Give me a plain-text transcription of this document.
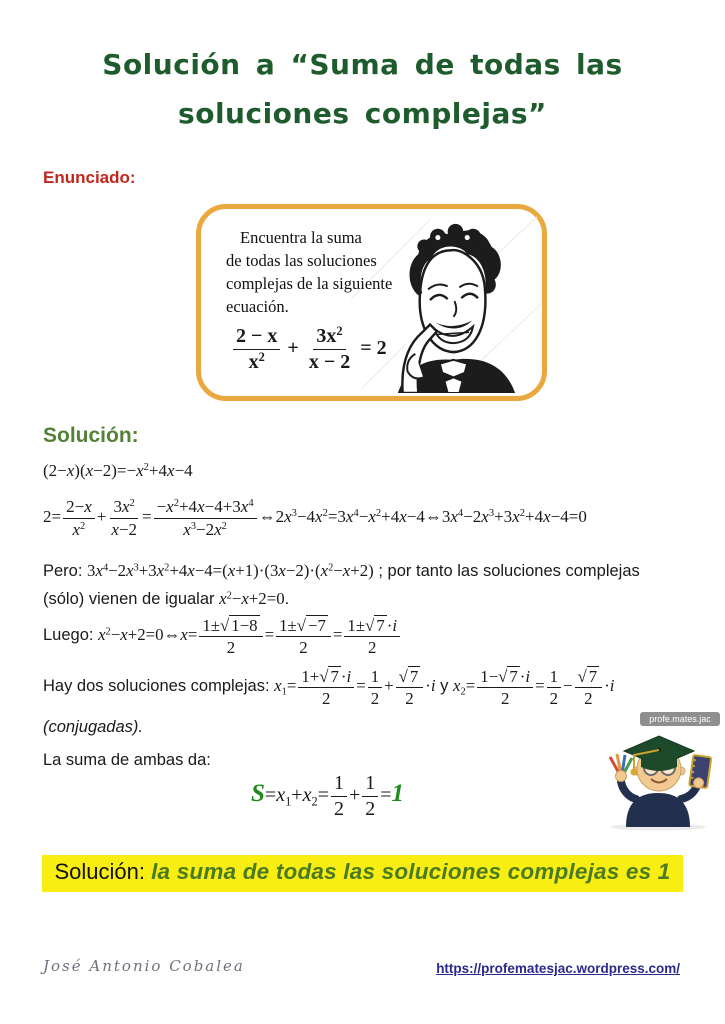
Solución a “Suma de todas las soluciones complejas”
Enunciado:
Encuentra la suma
de todas las soluciones
complejas de la siguiente
ecuación.
$\frac{2 - x}{x^2} + \frac{3x^2}{x - 2} = 2$
Solución:
$(2-x)(x-2)=-x^2+4x-4$
$2= \frac{2-x}{x^2} + \frac{3x^2}{x-2} = \frac{-x^2+4x-4+3x^4}{x^3-2x^2}$ $\Leftrightarrow 2x^3-4x^2=3x^4-x^2+4x-4\Leftrightarrow 3x^4-2x^3+3x^2+4x-4=0$

Pero: $3x^4-2x^3+3x^2+4x-4=(x+1)\cdot(3x-2)\cdot(x^2-x+2)$ ; por tanto las soluciones complejas (sólo) vienen de igualar $x^2-x+2=0$.

Luego: $x^2-x+2=0\Leftrightarrow x= \frac{1\pm √ 1-8}{2} = \frac{1\pm √ -7}{2} = \frac{1\pm √ 7 \cdot i}{2}$

Hay dos soluciones complejas: $x_1= \frac{1+ √ 7 \cdot i}{2} = \frac{1}{2} + \frac{√ 7}{2} \cdot i$ y $x_2= \frac{1- √ 7 \cdot i}{2} = \frac{1}{2} - \frac{√ 7}{2} \cdot i$

(conjugadas).

La suma de ambas da:

$S=x_1+x_2= \frac{1}{2} + \frac{1}{2} =1$
profe.mates.jac
Solución: la suma de todas las soluciones complejas es 1
José Antonio Cobalea	https://profematesjac.wordpress.com/
